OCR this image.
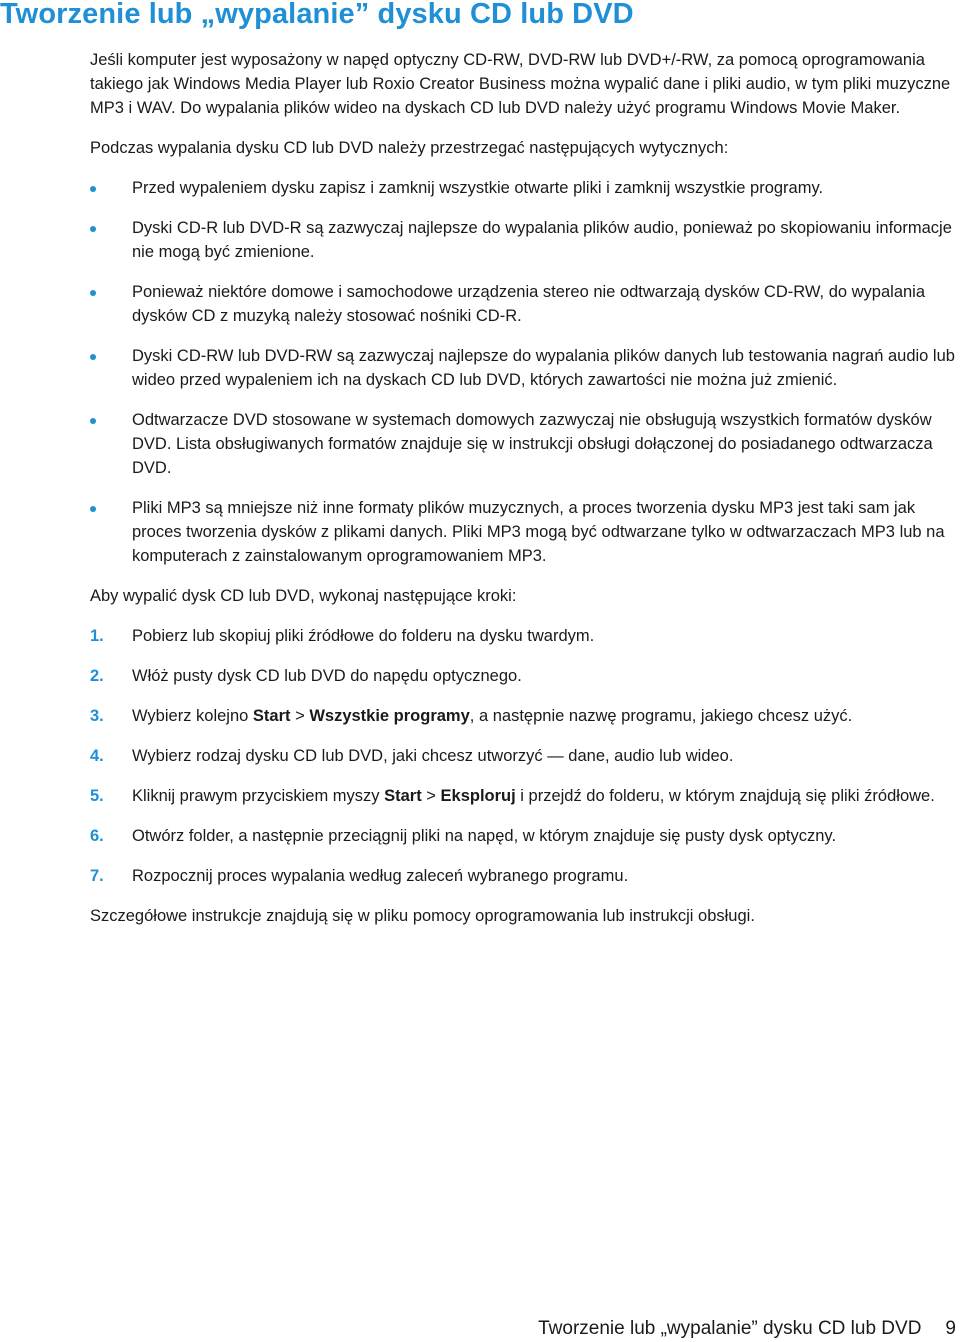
Tworzenie lub „wypalanie” dysku CD lub DVD

Jeśli komputer jest wyposażony w napęd optyczny CD-RW, DVD-RW lub DVD+/-RW, za pomocą oprogramowania takiego jak Windows Media Player lub Roxio Creator Business można wypalić dane i pliki audio, w tym pliki muzyczne MP3 i WAV. Do wypalania plików wideo na dyskach CD lub DVD należy użyć programu Windows Movie Maker.

Podczas wypalania dysku CD lub DVD należy przestrzegać następujących wytycznych:

Przed wypaleniem dysku zapisz i zamknij wszystkie otwarte pliki i zamknij wszystkie programy.
Dyski CD-R lub DVD-R są zazwyczaj najlepsze do wypalania plików audio, ponieważ po skopiowaniu informacje nie mogą być zmienione.
Ponieważ niektóre domowe i samochodowe urządzenia stereo nie odtwarzają dysków CD-RW, do wypalania dysków CD z muzyką należy stosować nośniki CD-R.
Dyski CD-RW lub DVD-RW są zazwyczaj najlepsze do wypalania plików danych lub testowania nagrań audio lub wideo przed wypaleniem ich na dyskach CD lub DVD, których zawartości nie można już zmienić.
Odtwarzacze DVD stosowane w systemach domowych zazwyczaj nie obsługują wszystkich formatów dysków DVD. Lista obsługiwanych formatów znajduje się w instrukcji obsługi dołączonej do posiadanego odtwarzacza DVD.
Pliki MP3 są mniejsze niż inne formaty plików muzycznych, a proces tworzenia dysku MP3 jest taki sam jak proces tworzenia dysków z plikami danych. Pliki MP3 mogą być odtwarzane tylko w odtwarzaczach MP3 lub na komputerach z zainstalowanym oprogramowaniem MP3.

Aby wypalić dysk CD lub DVD, wykonaj następujące kroki:

1. Pobierz lub skopiuj pliki źródłowe do folderu na dysku twardym.
2. Włóż pusty dysk CD lub DVD do napędu optycznego.
3. Wybierz kolejno Start > Wszystkie programy, a następnie nazwę programu, jakiego chcesz użyć.
4. Wybierz rodzaj dysku CD lub DVD, jaki chcesz utworzyć — dane, audio lub wideo.
5. Kliknij prawym przyciskiem myszy Start > Eksploruj i przejdź do folderu, w którym znajdują się pliki źródłowe.
6. Otwórz folder, a następnie przeciągnij pliki na napęd, w którym znajduje się pusty dysk optyczny.
7. Rozpocznij proces wypalania według zaleceń wybranego programu.

Szczegółowe instrukcje znajdują się w pliku pomocy oprogramowania lub instrukcji obsługi.

Tworzenie lub „wypalanie” dysku CD lub DVD 9
